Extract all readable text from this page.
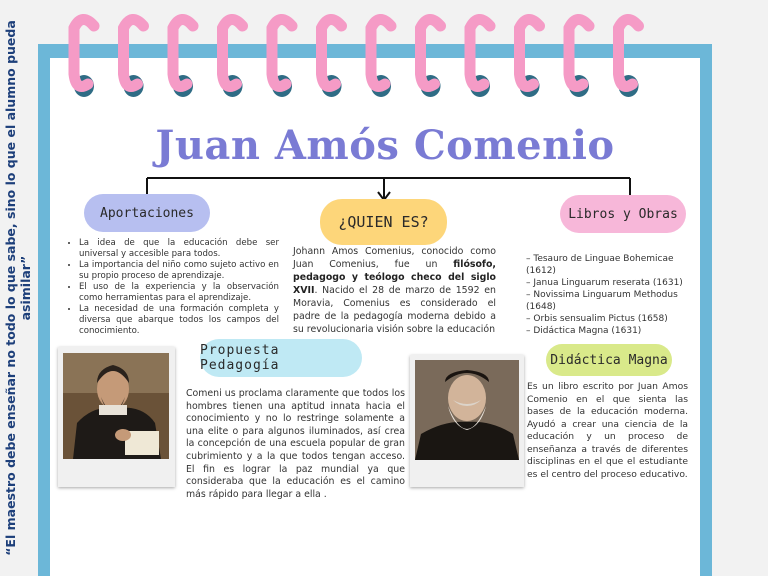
“El maestro debe enseñar no todo lo que sabe, sino lo que el alumno pueda asimilar”
Juan Amós Comenio
Aportaciones	¿QUIEN ES?	Libros y Obras
• La idea de que la educación debe ser universal y accesible para todos.
• La importancia del niño como sujeto activo en su propio proceso de aprendizaje.
• El uso de la experiencia y la observación como herramientas para el aprendizaje.
• La necesidad de una formación completa y diversa que abarque todos los campos del conocimiento.
Johann Amos Comenius, conocido como Juan Comenius, fue un filósofo, pedagogo y teólogo checo del siglo XVII. Nacido el 28 de marzo de 1592 en Moravia, Comenius es considerado el padre de la pedagogía moderna debido a su revolucionaria visión sobre la educación
– Tesauro de Linguae Bohemicae (1612)
– Janua Linguarum reserata (1631)
– Novissima Linguarum Methodus (1648)
– Orbis sensualim Pictus (1658)
– Didáctica Magna (1631)
Propuesta Pedagogía
Comeni us proclama claramente que todos los hombres tienen una aptitud innata hacia el conocimiento y no lo restringe solamente a una elite o para algunos iluminados, así crea la concepción de una escuela popular de gran cubrimiento y a la que todos tengan acceso. El fin es lograr la paz mundial ya que consideraba que la educación es el camino más rápido para llegar a ella .
Didáctica Magna
Es un libro escrito por Juan Amos Comenio en el que sienta las bases de la educación moderna. Ayudó a crear una ciencia de la educación y un proceso de enseñanza a través de diferentes disciplinas en el que el estudiante es el centro del proceso educativo.
